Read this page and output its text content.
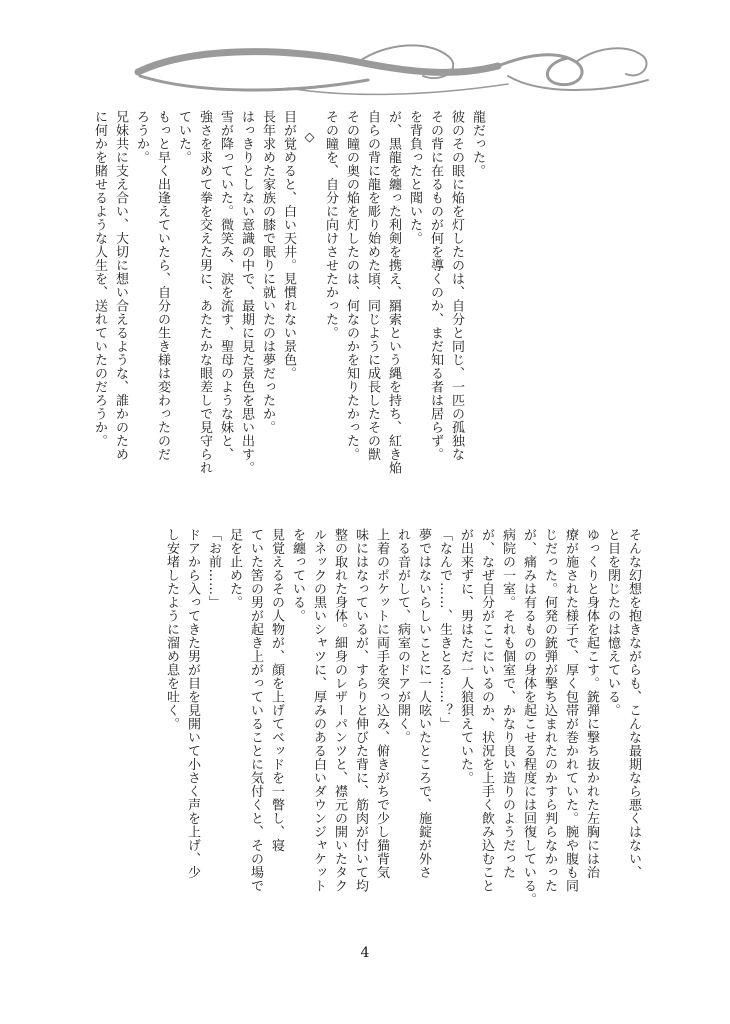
龍だった。
彼のその眼に焔を灯したのは、自分と同じ、一匹の孤独な
その背に在るものが何を導くのか、まだ知る者は居らず。
を背負ったと聞いた。
が、黒龍を纏った利剣を携え、羂索という縄を持ち、紅き焔
自らの背に龍を彫り始めた頃、同じように成長したその獣
その瞳の奥の焔を灯したのは、何なのかを知りたかった。
その瞳を、自分に向けさせたかった。
◇
目が覚めると、白い天井。見慣れない景色。
長年求めた家族の膝で眠りに就いたのは夢だったか。
はっきりとしない意識の中で、最期に見た景色を思い出す。
雪が降っていた。微笑み、涙を流す、聖母のような妹と、
強さを求めて拳を交えた男に、あたたかな眼差しで見守られ
ていた。
もっと早く出逢えていたら、自分の生き様は変わったのだ
ろうか。
兄妹共に支え合い、大切に想い合えるような、誰かのため
に何かを賭せるような人生を、送れていたのだろうか。
そんな幻想を抱きながらも、こんな最期なら悪くはない、
と目を閉じたのは憶えている。
ゆっくりと身体を起こす。銃弾に撃ち抜かれた左胸には治
療が施された様子で、厚く包帯が巻かれていた。腕や腹も同
じだった。何発の銃弾が撃ち込まれたのかすら判らなかった
が、痛みは有るものの身体を起こせる程度には回復している。
病院の一室。それも個室で、かなり良い造りのようだった
が、なぜ自分がここにいるのか、状況を上手く飲み込むこと
が出来ずに、男はただ一人狼狽えていた。
「なんで……、生きとる……？」
夢ではないらしいことに一人呟いたところで、施錠が外さ
れる音がして、病室のドアが開く。
上着のポケットに両手を突っ込み、俯きがちで少し猫背気
味にはなっているが、すらりと伸びた背に、筋肉が付いて均
整の取れた身体。細身のレザーパンツと、襟元の開いたタク
ルネックの黒いシャツに、厚みのある白いダウンジャケット
を纏っている。
見覚えるその人物が、顔を上げてベッドを一瞥し、寝
ていた筈の男が起き上がっていることに気付くと、その場で
足を止めた。
「お前……」
ドアから入ってきた男が目を見開いて小さく声を上げ、少
し安堵したように溜め息を吐く。
4
